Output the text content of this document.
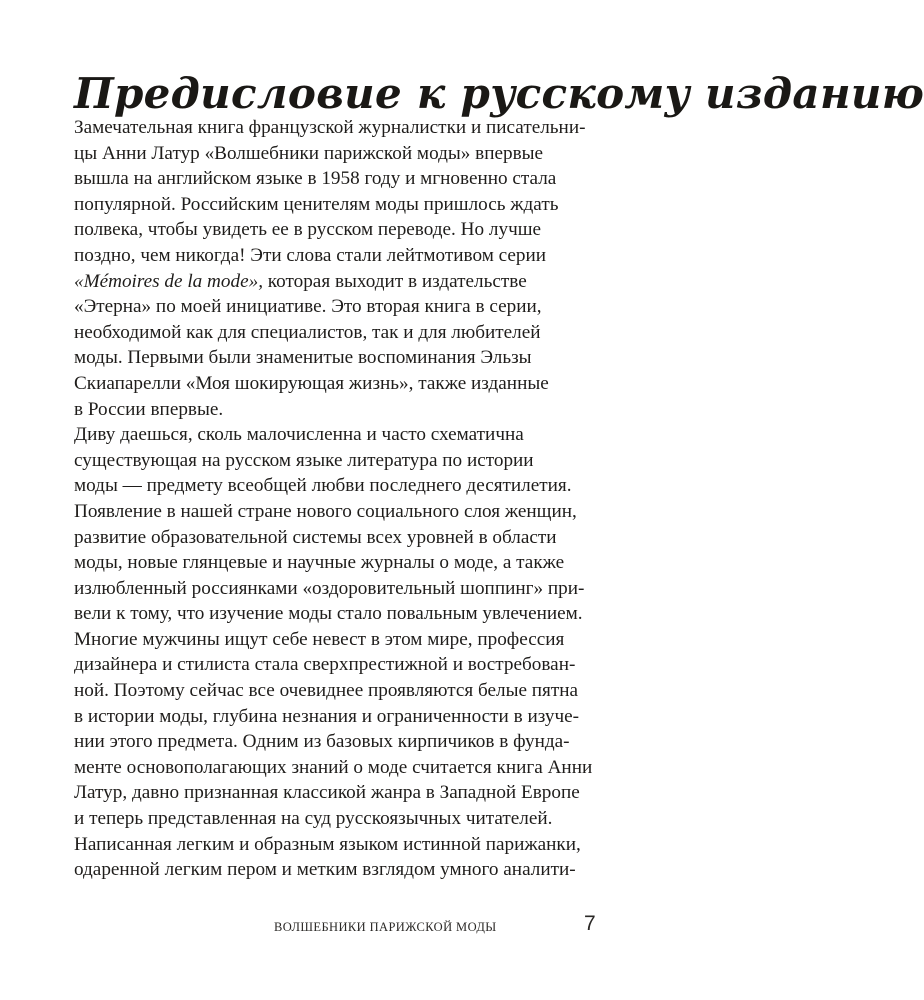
Предисловие к русскому изданию
Замечательная книга французской журналистки и писательни-
цы Анни Латур «Волшебники парижской моды» впервые
вышла на английском языке в 1958 году и мгновенно стала
популярной. Российским ценителям моды пришлось ждать
полвека, чтобы увидеть ее в русском переводе. Но лучше
поздно, чем никогда! Эти слова стали лейтмотивом серии
«Mémoires de la mode», которая выходит в издательстве
«Этерна» по моей инициативе. Это вторая книга в серии,
необходимой как для специалистов, так и для любителей
моды. Первыми были знаменитые воспоминания Эльзы
Скиапарелли «Моя шокирующая жизнь», также изданные
в России впервые.
Диву даешься, сколь малочисленна и часто схематична
существующая на русском языке литература по истории
моды — предмету всеобщей любви последнего десятилетия.
Появление в нашей стране нового социального слоя женщин,
развитие образовательной системы всех уровней в области
моды, новые глянцевые и научные журналы о моде, а также
излюбленный россиянками «оздоровительный шоппинг» при-
вели к тому, что изучение моды стало повальным увлечением.
Многие мужчины ищут себе невест в этом мире, профессия
дизайнера и стилиста стала сверхпрестижной и востребован-
ной. Поэтому сейчас все очевиднее проявляются белые пятна
в истории моды, глубина незнания и ограниченности в изуче-
нии этого предмета. Одним из базовых кирпичиков в фунда-
менте основополагающих знаний о моде считается книга Анни
Латур, давно признанная классикой жанра в Западной Европе
и теперь представленная на суд русскоязычных читателей.
Написанная легким и образным языком истинной парижанки,
одаренной легким пером и метким взглядом умного аналити-
ВОЛШЕБНИКИ ПАРИЖСКОЙ МОДЫ	7
